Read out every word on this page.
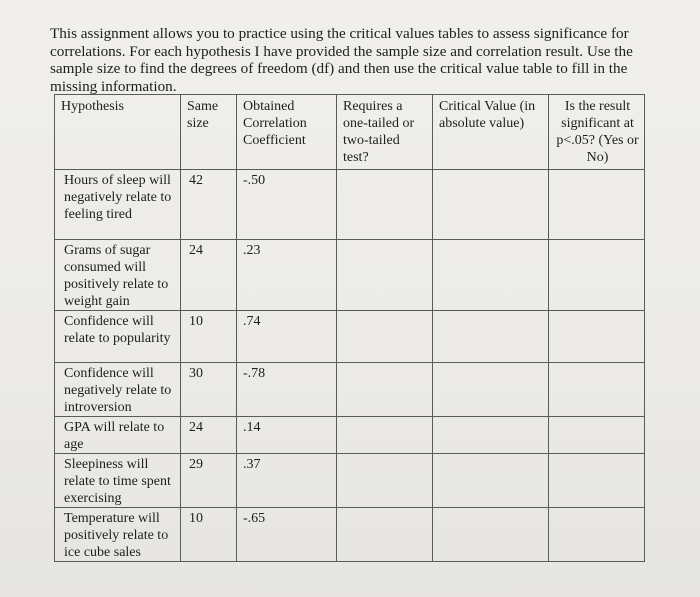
This assignment allows you to practice using the critical values tables to assess significance for correlations. For each hypothesis I have provided the sample size and correlation result. Use the sample size to find the degrees of freedom (df) and then use the critical value table to fill in the missing information.

Hypothesis	Same size	Obtained Correlation Coefficient	Requires a one-tailed or two-tailed test?	Critical Value (in absolute value)	Is the result significant at p<.05? (Yes or No)
Hours of sleep will negatively relate to feeling tired	42	-.50			
Grams of sugar consumed will positively relate to weight gain	24	.23			
Confidence will relate to popularity	10	.74			
Confidence will negatively relate to introversion	30	-.78			
GPA will relate to age	24	.14			
Sleepiness will relate to time spent exercising	29	.37			
Temperature will positively relate to ice cube sales	10	-.65			
